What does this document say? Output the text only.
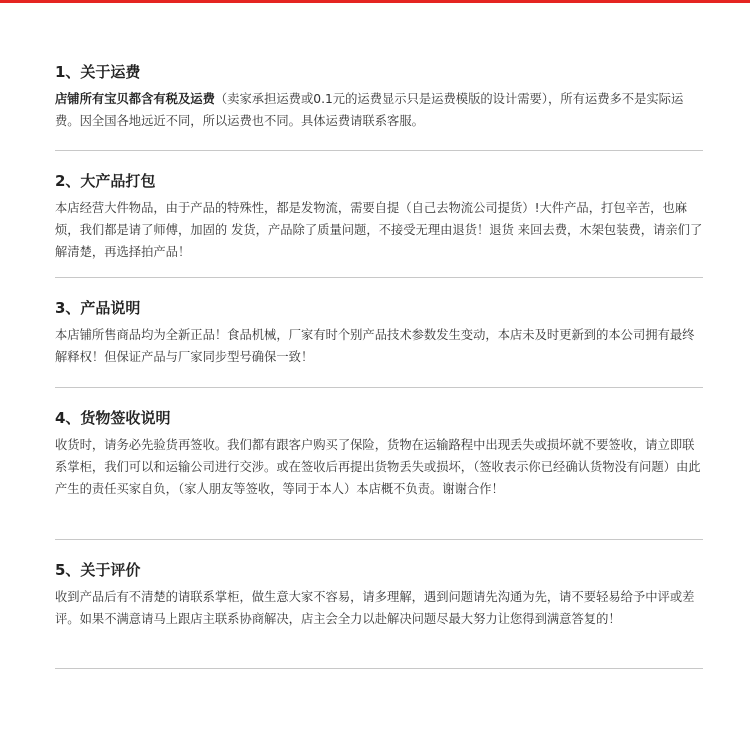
1、关于运费
店铺所有宝贝都含有税及运费（卖家承担运费或0.1元的运费显示只是运费模版的设计需要），所有运费多不是实际运费。因全国各地远近不同，所以运费也不同。具体运费请联系客服。
2、大产品打包
本店经营大件物品，由于产品的特殊性，都是发物流，需要自提（自己去物流公司提货）!大件产品，打包辛苦，也麻烦，我们都是请了师傅，加固的 发货，产品除了质量问题，不接受无理由退货！退货 来回去费，木架包装费，请亲们了解清楚，再选择拍产品！
3、产品说明
本店铺所售商品均为全新正品！食品机械，厂家有时个别产品技术参数发生变动，本店未及时更新到的本公司拥有最终解释权！但保证产品与厂家同步型号确保一致！
4、货物签收说明
收货时，请务必先验货再签收。我们都有跟客户购买了保险，货物在运输路程中出现丢失或损坏就不要签收，请立即联系掌柜，我们可以和运输公司进行交涉。或在签收后再提出货物丢失或损坏，（签收表示你已经确认货物没有问题）由此产生的责任买家自负，（家人朋友等签收，等同于本人）本店概不负责。谢谢合作！
5、关于评价
收到产品后有不清楚的请联系掌柜，做生意大家不容易，请多理解，遇到问题请先沟通为先，请不要轻易给予中评或差评。如果不满意请马上跟店主联系协商解决，店主会全力以赴解决问题尽最大努力让您得到满意答复的！
